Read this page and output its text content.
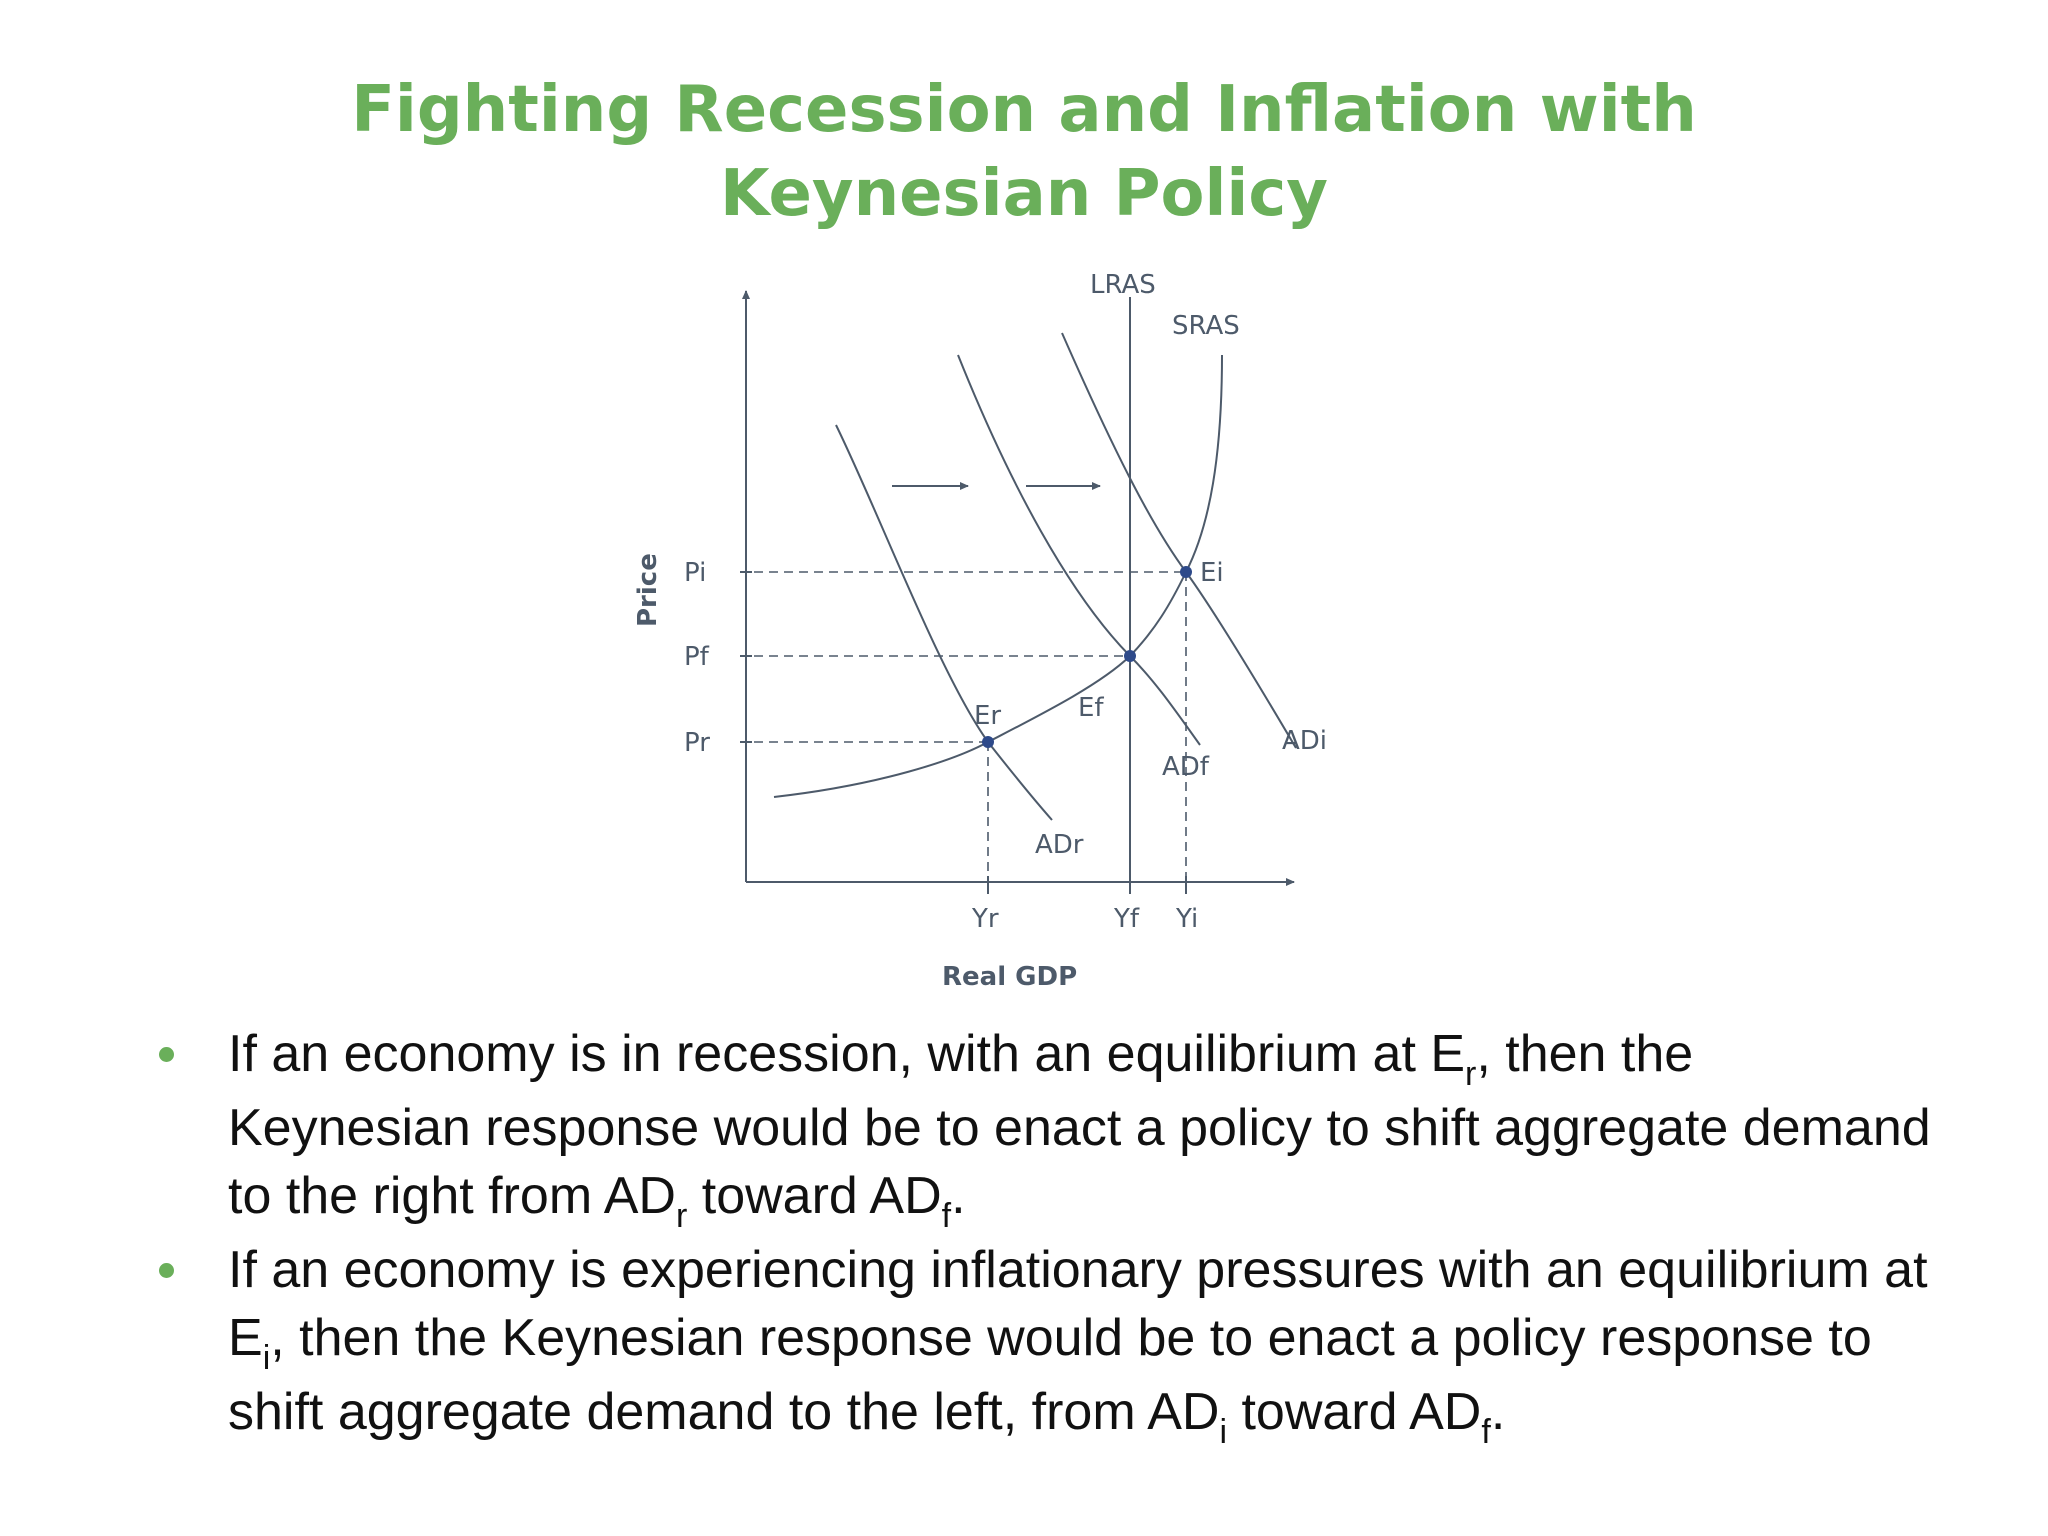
Fighting Recession and Inflation with
Keynesian Policy
LRAS
SRAS
ADr
ADf
ADi
Pi
Pf
Pr
Er	Ef
Ei
Yr	Yf Yi
Real GDP
Price
If an economy is in recession, with an equilibrium at $E_r$, then the Keynesian response would be to enact a policy to shift aggregate demand to the right from $AD_r$ toward $AD_f$.
If an economy is experiencing inflationary pressures with an equilibrium at $E_i$, then the Keynesian response would be to enact a policy response to shift aggregate demand to the left, from $AD_i$ toward $AD_f$.
